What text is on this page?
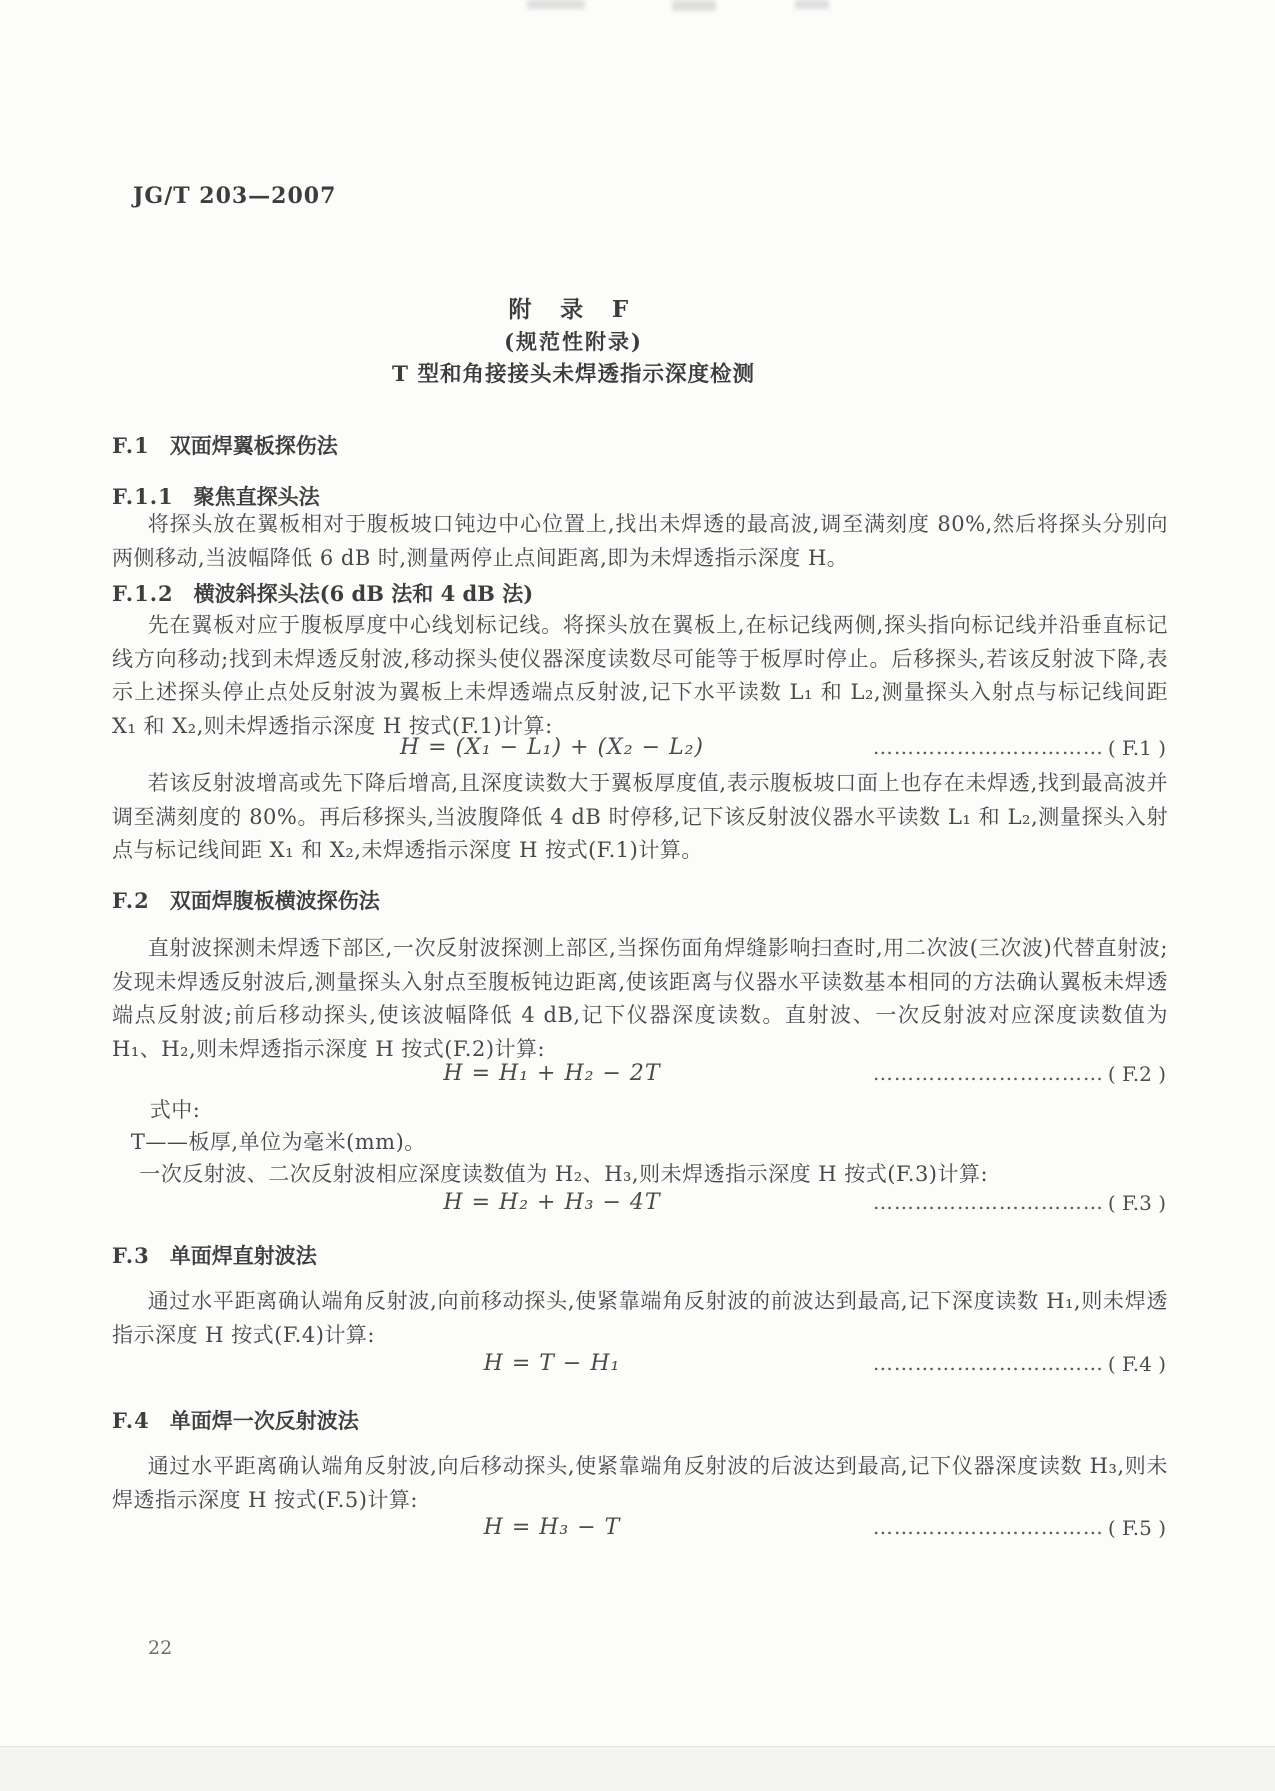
JG/T 203—2007
附 录 F
(规范性附录)
T 型和角接接头未焊透指示深度检测
F.1 双面焊翼板探伤法
F.1.1 聚焦直探头法
将探头放在翼板相对于腹板坡口钝边中心位置上,找出未焊透的最高波,调至满刻度 80%,然后将探头分别向两侧移动,当波幅降低 6 dB 时,测量两停止点间距离,即为未焊透指示深度 H。
F.1.2 横波斜探头法(6 dB 法和 4 dB 法)
先在翼板对应于腹板厚度中心线划标记线。将探头放在翼板上,在标记线两侧,探头指向标记线并沿垂直标记线方向移动;找到未焊透反射波,移动探头使仪器深度读数尽可能等于板厚时停止。后移探头,若该反射波下降,表示上述探头停止点处反射波为翼板上未焊透端点反射波,记下水平读数 L₁ 和 L₂,测量探头入射点与标记线间距 X₁ 和 X₂,则未焊透指示深度 H 按式(F.1)计算:
H = (X₁ − L₁) + (X₂ − L₂)	…………………………… ( F.1 )
若该反射波增高或先下降后增高,且深度读数大于翼板厚度值,表示腹板坡口面上也存在未焊透,找到最高波并调至满刻度的 80%。再后移探头,当波腹降低 4 dB 时停移,记下该反射波仪器水平读数 L₁ 和 L₂,测量探头入射点与标记线间距 X₁ 和 X₂,未焊透指示深度 H 按式(F.1)计算。
F.2 双面焊腹板横波探伤法
直射波探测未焊透下部区,一次反射波探测上部区,当探伤面角焊缝影响扫查时,用二次波(三次波)代替直射波;发现未焊透反射波后,测量探头入射点至腹板钝边距离,使该距离与仪器水平读数基本相同的方法确认翼板未焊透端点反射波;前后移动探头,使该波幅降低 4 dB,记下仪器深度读数。直射波、一次反射波对应深度读数值为 H₁、H₂,则未焊透指示深度 H 按式(F.2)计算:
H = H₁ + H₂ − 2T	…………………………… ( F.2 )
式中:
T——板厚,单位为毫米(mm)。
一次反射波、二次反射波相应深度读数值为 H₂、H₃,则未焊透指示深度 H 按式(F.3)计算:
H = H₂ + H₃ − 4T	…………………………… ( F.3 )
F.3 单面焊直射波法
通过水平距离确认端角反射波,向前移动探头,使紧靠端角反射波的前波达到最高,记下深度读数 H₁,则未焊透指示深度 H 按式(F.4)计算:
H = T − H₁	…………………………… ( F.4 )
F.4 单面焊一次反射波法
通过水平距离确认端角反射波,向后移动探头,使紧靠端角反射波的后波达到最高,记下仪器深度读数 H₃,则未焊透指示深度 H 按式(F.5)计算:
H = H₃ − T	…………………………… ( F.5 )
22
